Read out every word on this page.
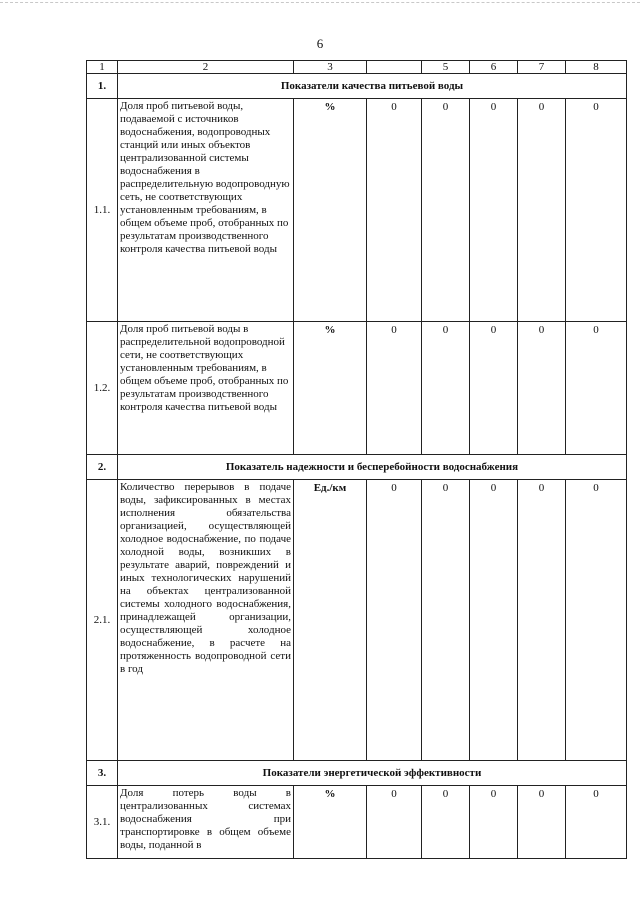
6
1	2	3		5	6	7	8
1.	Показатели качества питьевой воды						
1.1.	Доля проб питьевой воды, подаваемой с источников водоснабжения, водопроводных станций или иных объектов централизованной системы водоснабжения в распределительную водопроводную сеть, не соответствующих установленным требованиям, в общем объеме проб, отобранных по результатам производственного контроля качества питьевой воды	%	0	0	0	0	0
1.2.	Доля проб питьевой воды в распределительной водопроводной сети, не соответствующих установленным требованиям, в общем объеме проб, отобранных по результатам производственного контроля качества питьевой воды	%	0	0	0	0	0
2.	Показатель надежности и бесперебойности водоснабжения						
2.1.	Количество перерывов в подаче воды, зафиксированных в местах исполнения обязательства организацией, осуществляющей холодное водоснабжение, по подаче холодной воды, возникших в результате аварий, повреждений и иных технологических нарушений на объектах централизованной системы холодного водоснабжения, принадлежащей организации, осуществляющей холодное водоснабжение, в расчете на протяженность водопроводной сети в год	Ед./км	0	0	0	0	0
3.	Показатели энергетической эффективности						
3.1.	Доля потерь воды в централизованных системах водоснабжения при транспортировке в общем объеме воды, поданной в	%	0	0	0	0	0
